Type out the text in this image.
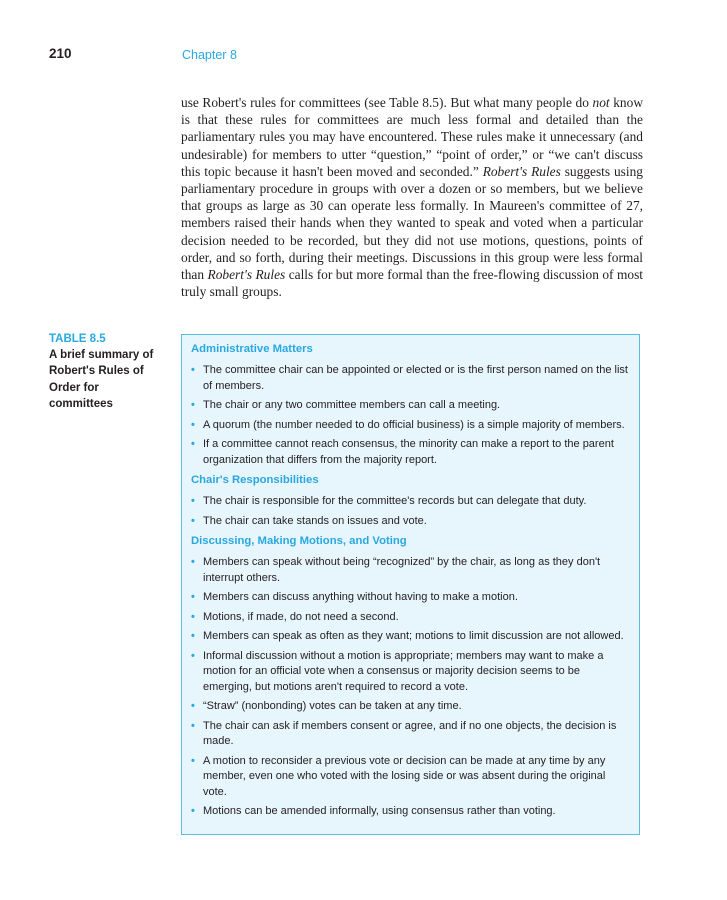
210	Chapter 8

use Robert's rules for committees (see Table 8.5). But what many people do not know is that these rules for committees are much less formal and detailed than the parliamentary rules you may have encountered. These rules make it unnecessary (and undesirable) for members to utter “question,” “point of order,” or “we can't discuss this topic because it hasn't been moved and seconded.” Robert's Rules suggests using parliamentary procedure in groups with over a dozen or so members, but we believe that groups as large as 30 can operate less formally. In Maureen's committee of 27, members raised their hands when they wanted to speak and voted when a particular decision needed to be recorded, but they did not use motions, questions, points of order, and so forth, during their meetings. Discussions in this group were less formal than Robert's Rules calls for but more formal than the free-flowing discussion of most truly small groups.

TABLE 8.5
A brief summary of Robert's Rules of Order for committees
Administrative Matters
• The committee chair can be appointed or elected or is the first person named on the list of members.
• The chair or any two committee members can call a meeting.
• A quorum (the number needed to do official business) is a simple majority of members.
• If a committee cannot reach consensus, the minority can make a report to the parent organization that differs from the majority report.
Chair's Responsibilities
• The chair is responsible for the committee's records but can delegate that duty.
• The chair can take stands on issues and vote.
Discussing, Making Motions, and Voting
• Members can speak without being “recognized” by the chair, as long as they don't interrupt others.
• Members can discuss anything without having to make a motion.
• Motions, if made, do not need a second.
• Members can speak as often as they want; motions to limit discussion are not allowed.
• Informal discussion without a motion is appropriate; members may want to make a motion for an official vote when a consensus or majority decision seems to be emerging, but motions aren't required to record a vote.
• “Straw” (nonbonding) votes can be taken at any time.
• The chair can ask if members consent or agree, and if no one objects, the decision is made.
• A motion to reconsider a previous vote or decision can be made at any time by any member, even one who voted with the losing side or was absent during the original vote.
• Motions can be amended informally, using consensus rather than voting.
